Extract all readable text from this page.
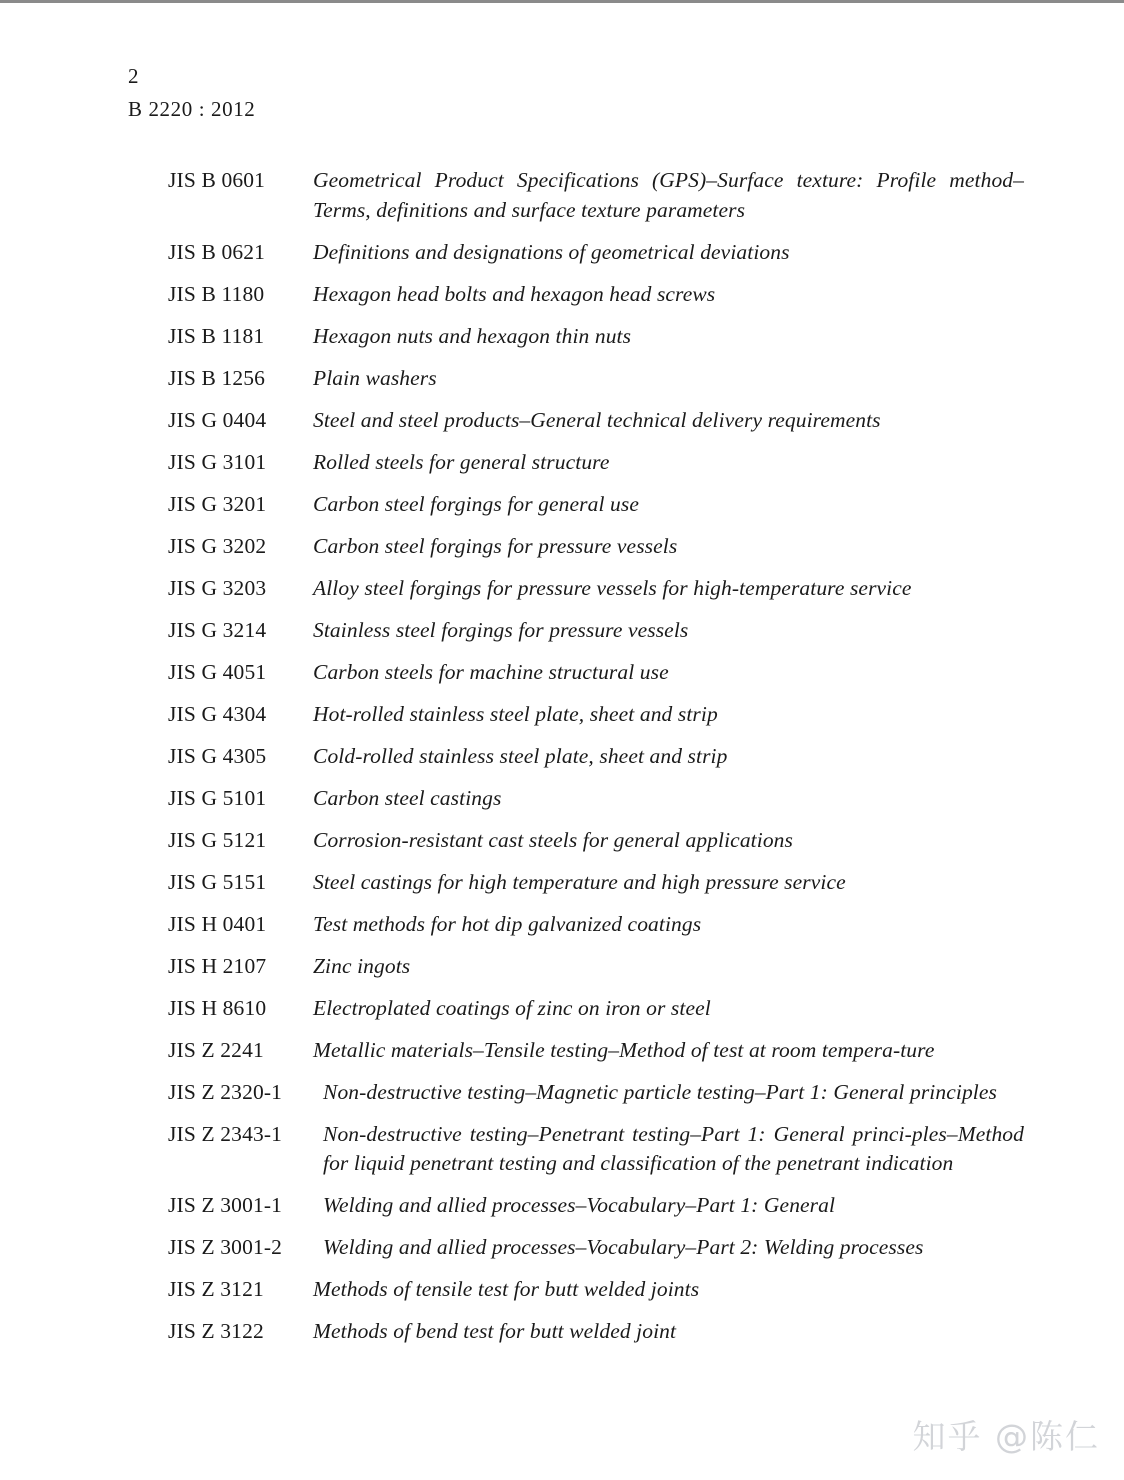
2
B 2220 : 2012
JIS B 0601	Geometrical Product Specifications (GPS)–Surface texture: Profile method–Terms, definitions and surface texture parameters
JIS B 0621	Definitions and designations of geometrical deviations
JIS B 1180	Hexagon head bolts and hexagon head screws
JIS B 1181	Hexagon nuts and hexagon thin nuts
JIS B 1256	Plain washers
JIS G 0404	Steel and steel products–General technical delivery requirements
JIS G 3101	Rolled steels for general structure
JIS G 3201	Carbon steel forgings for general use
JIS G 3202	Carbon steel forgings for pressure vessels
JIS G 3203	Alloy steel forgings for pressure vessels for high‐temperature service
JIS G 3214	Stainless steel forgings for pressure vessels
JIS G 4051	Carbon steels for machine structural use
JIS G 4304	Hot‐rolled stainless steel plate, sheet and strip
JIS G 4305	Cold‐rolled stainless steel plate, sheet and strip
JIS G 5101	Carbon steel castings
JIS G 5121	Corrosion‐resistant cast steels for general applications
JIS G 5151	Steel castings for high temperature and high pressure service
JIS H 0401	Test methods for hot dip galvanized coatings
JIS H 2107	Zinc ingots
JIS H 8610	Electroplated coatings of zinc on iron or steel
JIS Z 2241	Metallic materials–Tensile testing–Method of test at room tempera‐ture
JIS Z 2320‐1	Non‐destructive testing–Magnetic particle testing–Part 1: General principles
JIS Z 2343‐1	Non‐destructive testing–Penetrant testing–Part 1: General princi‐ples–Method for liquid penetrant testing and classification of the penetrant indication
JIS Z 3001‐1	Welding and allied processes–Vocabulary–Part 1: General
JIS Z 3001‐2	Welding and allied processes–Vocabulary–Part 2: Welding processes
JIS Z 3121	Methods of tensile test for butt welded joints
JIS Z 3122	Methods of bend test for butt welded joint
知乎 @陈仁
